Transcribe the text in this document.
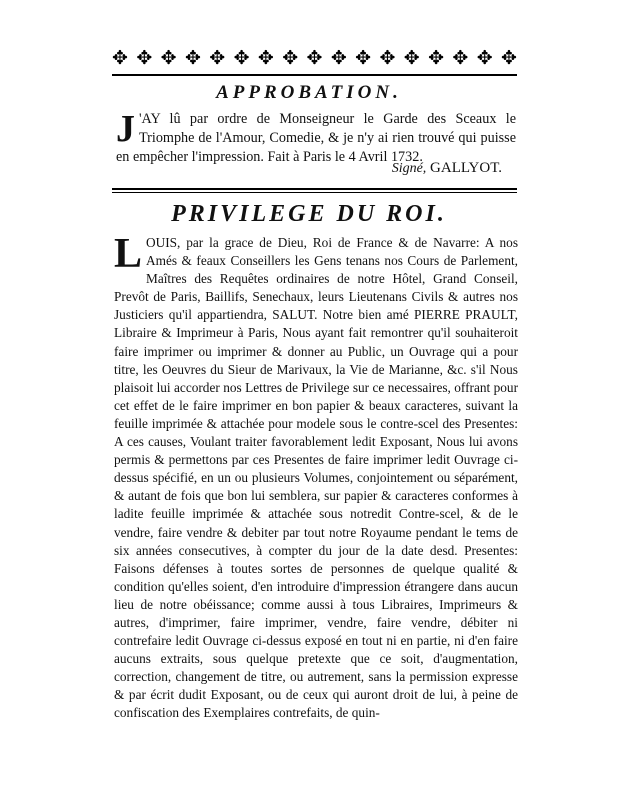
✥ ✥ ✥ ✥ ✥ ✥ ✥ ✥ ✥ ✥ ✥ ✥ ✥ ✥ ✥ ✥ ✥
APPROBATION.
J 'AY lû par ordre de Monseigneur le Garde des Sceaux le Triomphe de l'Amour, Comedie, & je n'y ai rien trouvé qui puisse en empêcher l'impression. Fait à Paris le 4 Avril 1732.
Signé, GALLYOT.
PRIVILEGE DU ROI.
L OUIS, par la grace de Dieu, Roi de France & de Navarre: A nos Amés & feaux Conseillers les Gens tenans nos Cours de Parlement, Maîtres des Requêtes ordinaires de notre Hôtel, Grand Conseil, Prevôt de Paris, Baillifs, Senechaux, leurs Lieutenans Civils & autres nos Justiciers qu'il appartiendra, SALUT. Notre bien amé PIERRE PRAULT, Libraire & Imprimeur à Paris, Nous ayant fait remontrer qu'il souhaiteroit faire imprimer ou imprimer & donner au Public, un Ouvrage qui a pour titre, les Oeuvres du Sieur de Marivaux, la Vie de Marianne, &c. s'il Nous plaisoit lui accorder nos Lettres de Privilege sur ce necessaires, offrant pour cet effet de le faire imprimer en bon papier & beaux caracteres, suivant la feuille imprimée & attachée pour modele sous le contre-scel des Presentes: A ces causes, Voulant traiter favorablement ledit Exposant, Nous lui avons permis & permettons par ces Presentes de faire imprimer ledit Ouvrage ci-dessus spécifié, en un ou plusieurs Volumes, conjointement ou séparément, & autant de fois que bon lui semblera, sur papier & caracteres conformes à ladite feuille imprimée & attachée sous notredit Contre-scel, & de le vendre, faire vendre & debiter par tout notre Royaume pendant le tems de six années consecutives, à compter du jour de la date desd. Presentes: Faisons défenses à toutes sortes de personnes de quelque qualité & condition qu'elles soient, d'en introduire d'impression étrangere dans aucun lieu de notre obéissance; comme aussi à tous Libraires, Imprimeurs & autres, d'imprimer, faire imprimer, vendre, faire vendre, débiter ni contrefaire ledit Ouvrage ci-dessus exposé en tout ni en partie, ni d'en faire aucuns extraits, sous quelque pretexte que ce soit, d'augmentation, correction, changement de titre, ou autrement, sans la permission expresse & par écrit dudit Exposant, ou de ceux qui auront droit de lui, à peine de confiscation des Exemplaires contrefaits, de quin-
